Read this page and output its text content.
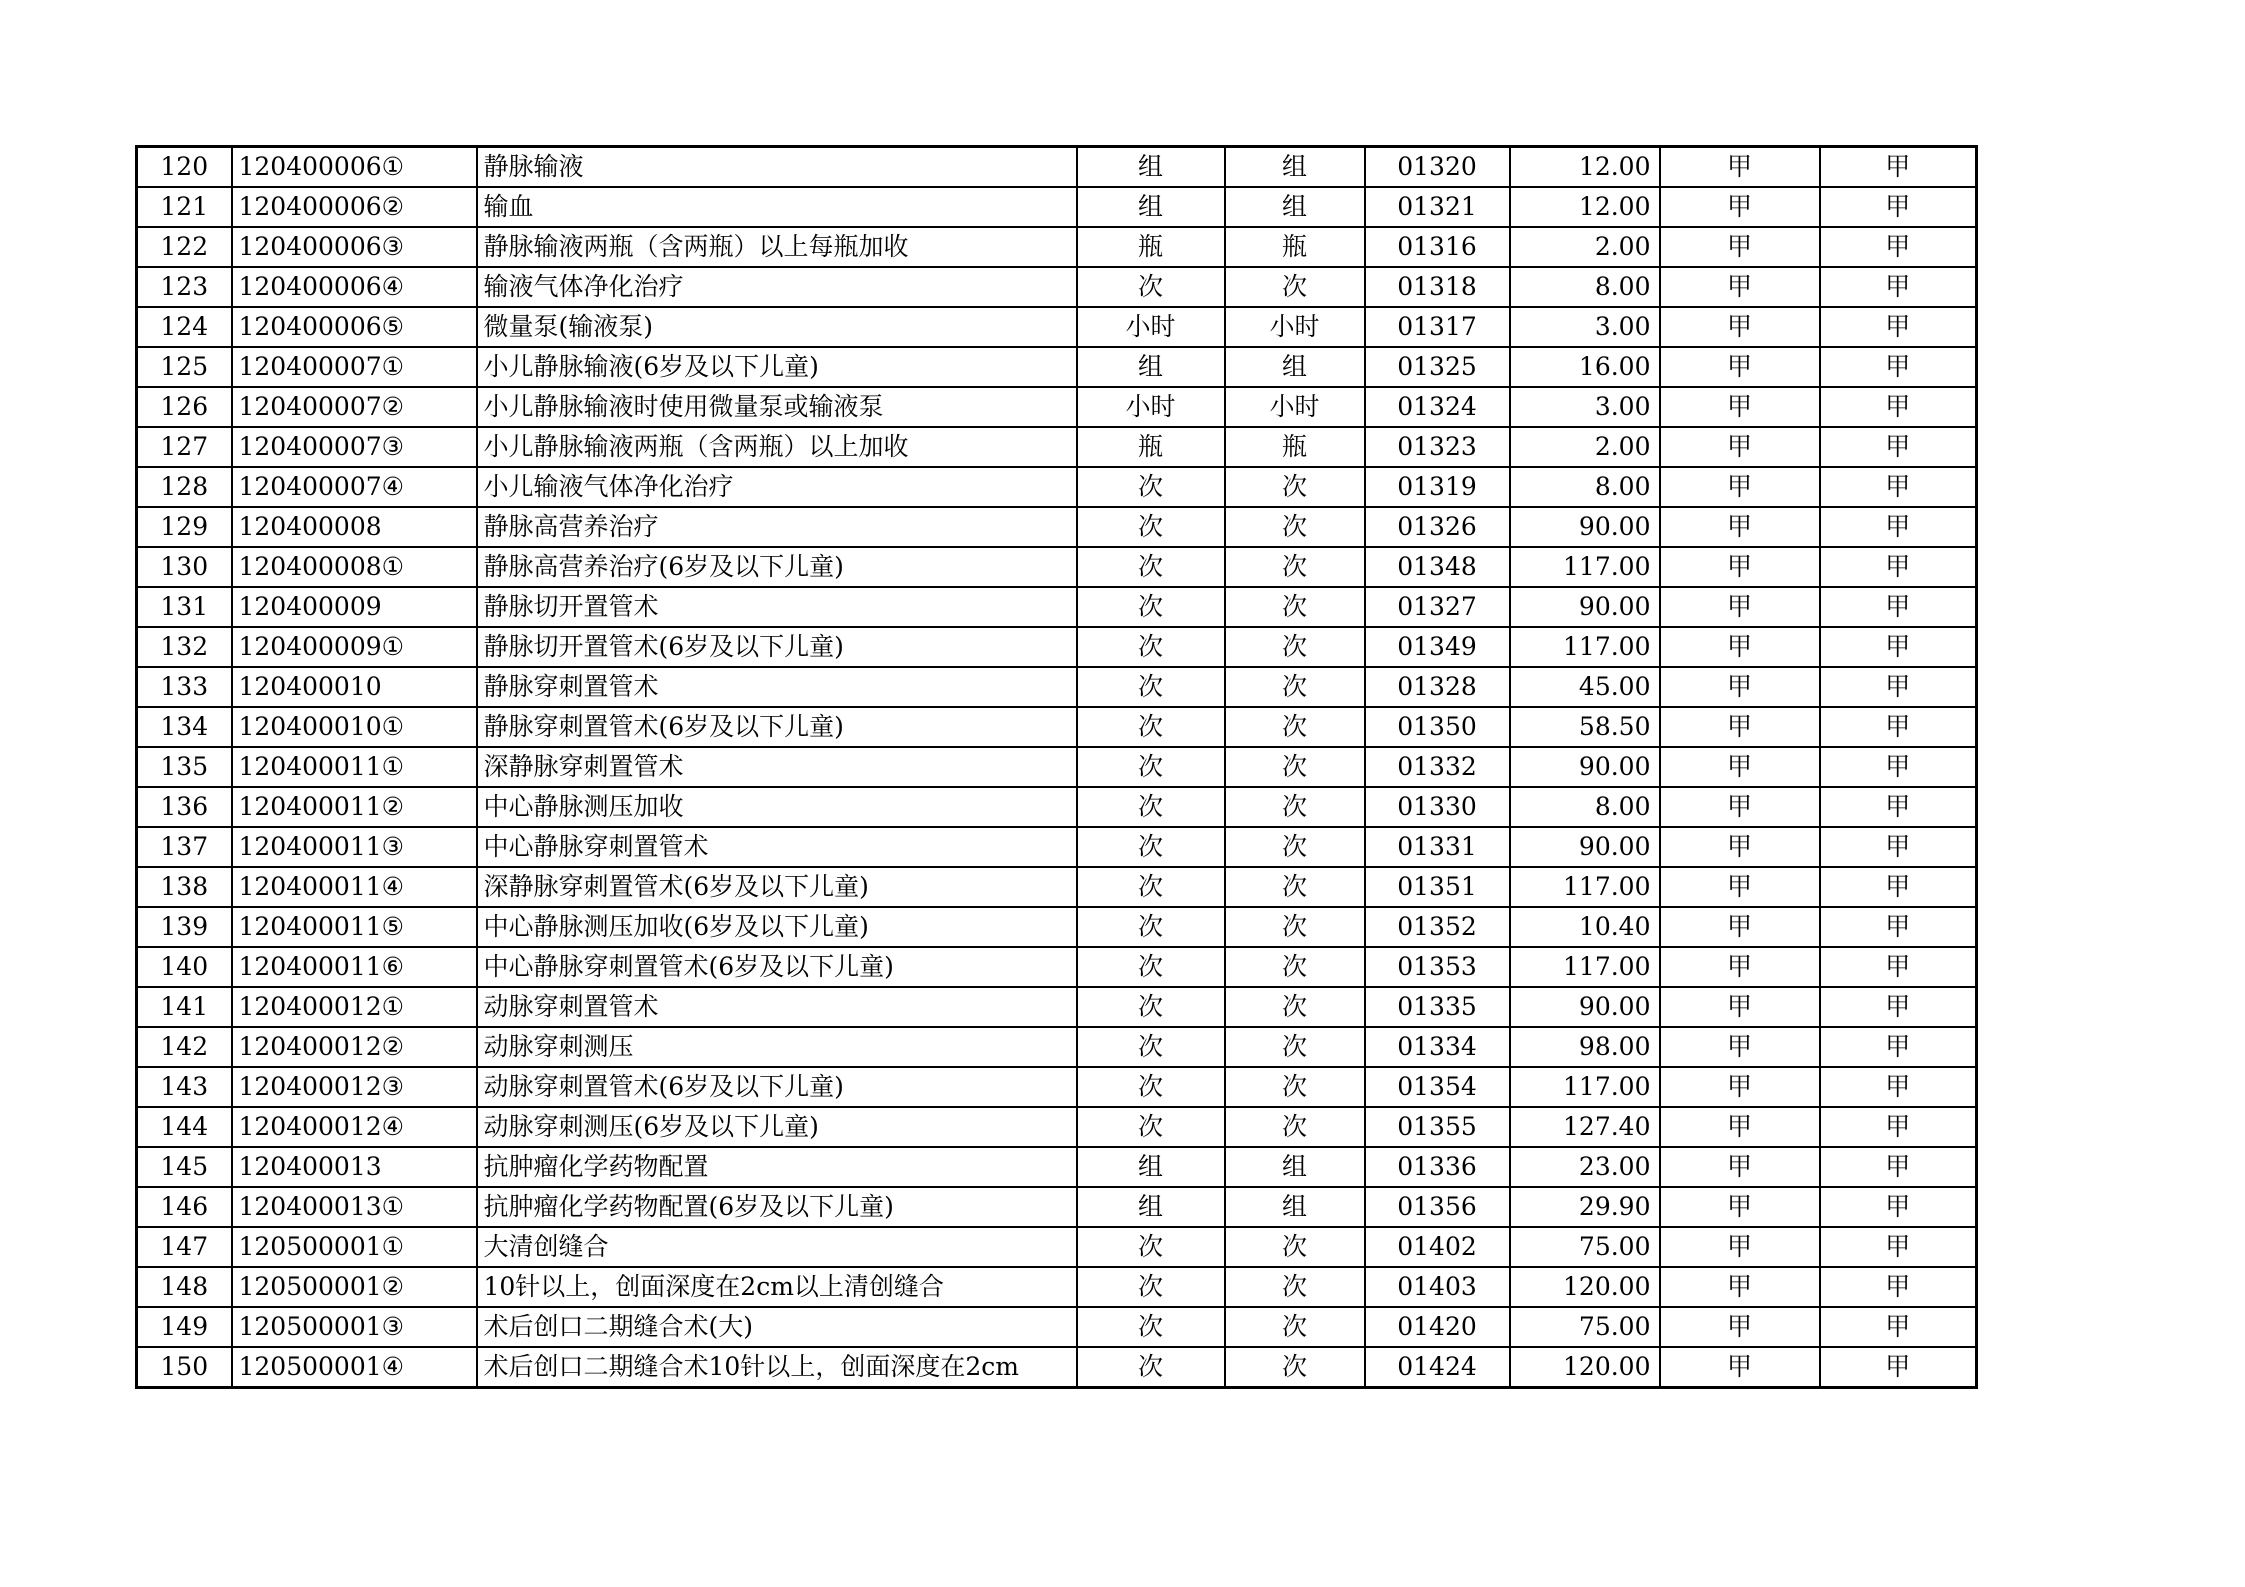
120	120400006①	静脉输液	组	组	01320	12.00	甲	甲
121	120400006②	输血	组	组	01321	12.00	甲	甲
122	120400006③	静脉输液两瓶（含两瓶）以上每瓶加收	瓶	瓶	01316	2.00	甲	甲
123	120400006④	输液气体净化治疗	次	次	01318	8.00	甲	甲
124	120400006⑤	微量泵(输液泵)	小时	小时	01317	3.00	甲	甲
125	120400007①	小儿静脉输液(6岁及以下儿童)	组	组	01325	16.00	甲	甲
126	120400007②	小儿静脉输液时使用微量泵或输液泵	小时	小时	01324	3.00	甲	甲
127	120400007③	小儿静脉输液两瓶（含两瓶）以上加收	瓶	瓶	01323	2.00	甲	甲
128	120400007④	小儿输液气体净化治疗	次	次	01319	8.00	甲	甲
129	120400008	静脉高营养治疗	次	次	01326	90.00	甲	甲
130	120400008①	静脉高营养治疗(6岁及以下儿童)	次	次	01348	117.00	甲	甲
131	120400009	静脉切开置管术	次	次	01327	90.00	甲	甲
132	120400009①	静脉切开置管术(6岁及以下儿童)	次	次	01349	117.00	甲	甲
133	120400010	静脉穿刺置管术	次	次	01328	45.00	甲	甲
134	120400010①	静脉穿刺置管术(6岁及以下儿童)	次	次	01350	58.50	甲	甲
135	120400011①	深静脉穿刺置管术	次	次	01332	90.00	甲	甲
136	120400011②	中心静脉测压加收	次	次	01330	8.00	甲	甲
137	120400011③	中心静脉穿刺置管术	次	次	01331	90.00	甲	甲
138	120400011④	深静脉穿刺置管术(6岁及以下儿童)	次	次	01351	117.00	甲	甲
139	120400011⑤	中心静脉测压加收(6岁及以下儿童)	次	次	01352	10.40	甲	甲
140	120400011⑥	中心静脉穿刺置管术(6岁及以下儿童)	次	次	01353	117.00	甲	甲
141	120400012①	动脉穿刺置管术	次	次	01335	90.00	甲	甲
142	120400012②	动脉穿刺测压	次	次	01334	98.00	甲	甲
143	120400012③	动脉穿刺置管术(6岁及以下儿童)	次	次	01354	117.00	甲	甲
144	120400012④	动脉穿刺测压(6岁及以下儿童)	次	次	01355	127.40	甲	甲
145	120400013	抗肿瘤化学药物配置	组	组	01336	23.00	甲	甲
146	120400013①	抗肿瘤化学药物配置(6岁及以下儿童)	组	组	01356	29.90	甲	甲
147	120500001①	大清创缝合	次	次	01402	75.00	甲	甲
148	120500001②	10针以上，创面深度在2cm以上清创缝合	次	次	01403	120.00	甲	甲
149	120500001③	术后创口二期缝合术(大)	次	次	01420	75.00	甲	甲
150	120500001④	术后创口二期缝合术10针以上，创面深度在2cm	次	次	01424	120.00	甲	甲
